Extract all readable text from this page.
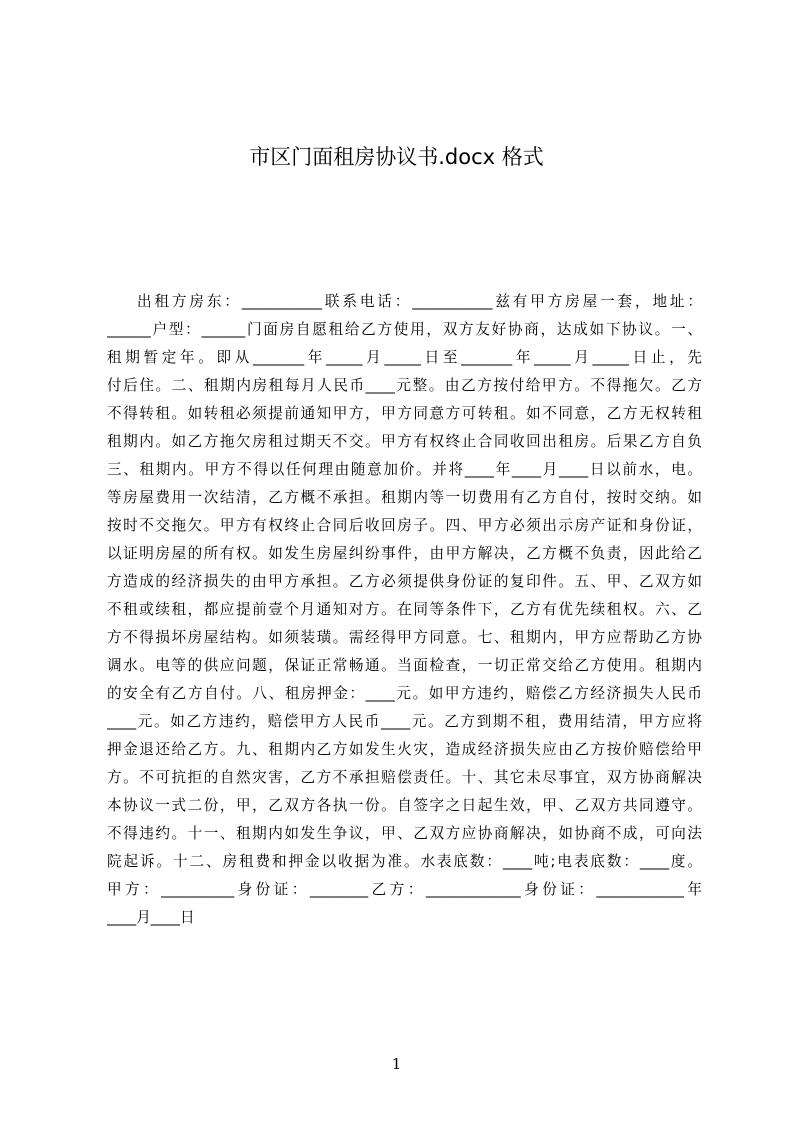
市区门面租房协议书.docx 格式
出租方房东：___________联系电话：___________兹有甲方房屋一套，地址：
______户型：______门面房自愿租给乙方使用，双方友好协商，达成如下协议。一、
租期暂定年。即从_______年_____月_____日至_______年_____月_____日止，先
付后住。二、租期内房租每月人民币____元整。由乙方按付给甲方。不得拖欠。乙方
不得转租。如转租必须提前通知甲方，甲方同意方可转租。如不同意，乙方无权转租
租期内。如乙方拖欠房租过期天不交。甲方有权终止合同收回出租房。后果乙方自负
三、租期内。甲方不得以任何理由随意加价。并将____年____月____日以前水，电。
等房屋费用一次结清，乙方概不承担。租期内等一切费用有乙方自付，按时交纳。如
按时不交拖欠。甲方有权终止合同后收回房子。四、甲方必须出示房产证和身份证，
以证明房屋的所有权。如发生房屋纠纷事件，由甲方解决，乙方概不负责，因此给乙
方造成的经济损失的由甲方承担。乙方必须提供身份证的复印件。五、甲、乙双方如
不租或续租，都应提前壹个月通知对方。在同等条件下，乙方有优先续租权。六、乙
方不得损坏房屋结构。如须装璜。需经得甲方同意。七、租期内，甲方应帮助乙方协
调水。电等的供应问题，保证正常畅通。当面检查，一切正常交给乙方使用。租期内
的安全有乙方自付。八、租房押金：____元。如甲方违约，赔偿乙方经济损失人民币
____元。如乙方违约，赔偿甲方人民币____元。乙方到期不租，费用结清，甲方应将
押金退还给乙方。九、租期内乙方如发生火灾，造成经济损失应由乙方按价赔偿给甲
方。不可抗拒的自然灾害，乙方不承担赔偿责任。十、其它未尽事宜，双方协商解决
本协议一式二份，甲，乙双方各执一份。自签字之日起生效，甲、乙双方共同遵守。
不得违约。十一、租期内如发生争议，甲、乙双方应协商解决，如协商不成，可向法
院起诉。十二、房租费和押金以收据为准。水表底数：____吨;电表底数：____度。
甲方：__________身份证：________乙方：_____________身份证：____________年
____月____日
1
